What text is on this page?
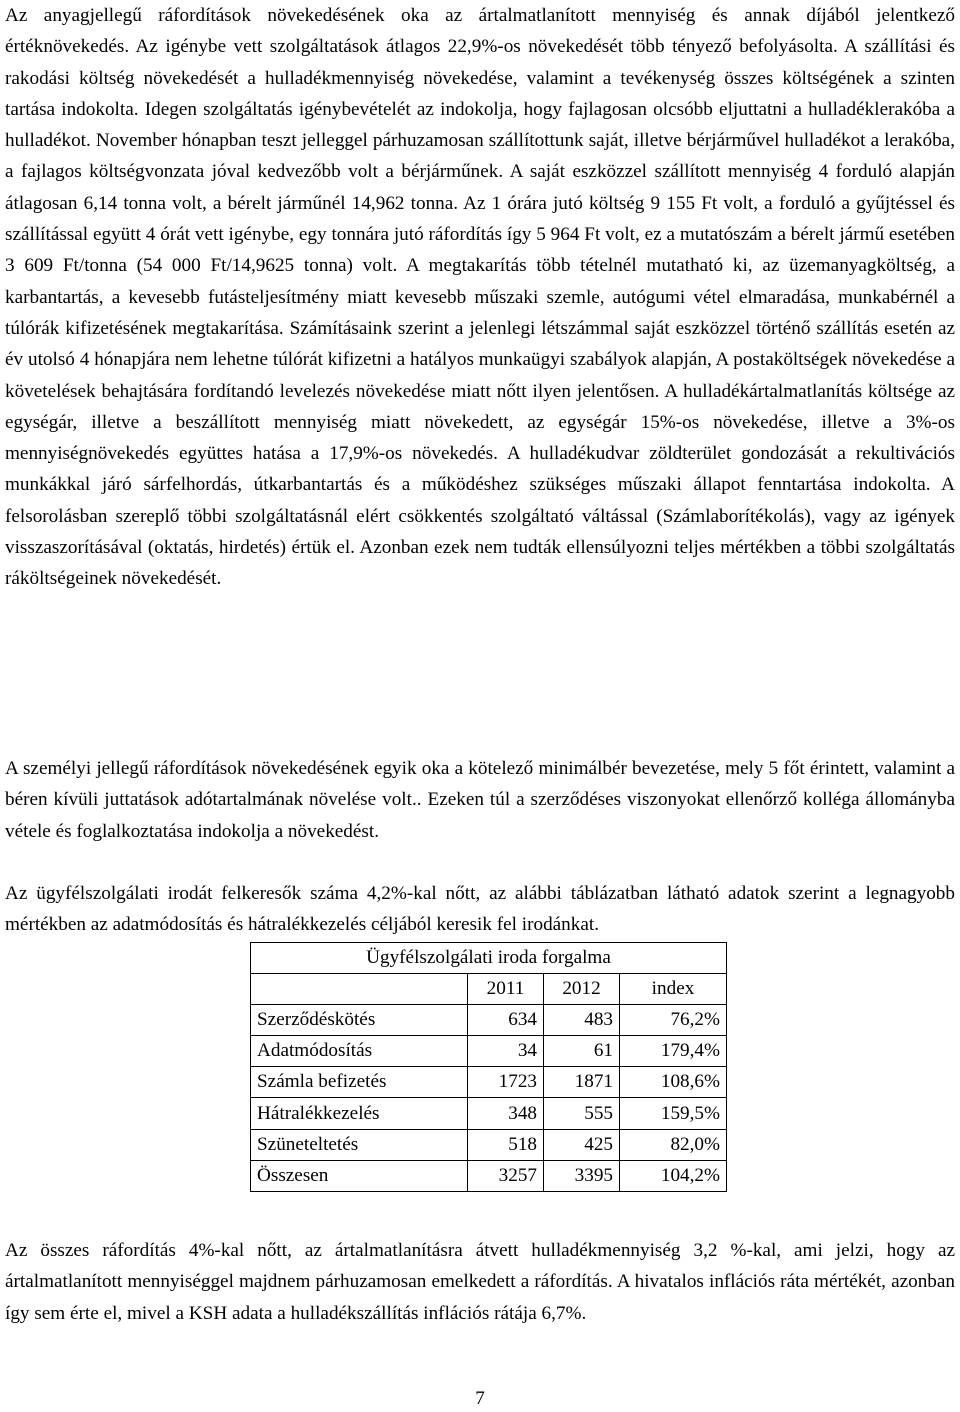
Az anyagjellegű ráfordítások növekedésének oka az ártalmatlanított mennyiség és annak díjából jelentkező értéknövekedés. Az igénybe vett szolgáltatások átlagos 22,9%-os növekedését több tényező befolyásolta. A szállítási és rakodási költség növekedését a hulladékmennyiség növekedése, valamint a tevékenység összes költségének a szinten tartása indokolta. Idegen szolgáltatás igénybevételét az indokolja, hogy fajlagosan olcsóbb eljuttatni a hulladéklerakóba a hulladékot. November hónapban teszt jelleggel párhuzamosan szállítottunk saját, illetve bérjárművel hulladékot a lerakóba, a fajlagos költségvonzata jóval kedvezőbb volt a bérjárműnek. A saját eszközzel szállított mennyiség 4 forduló alapján átlagosan 6,14 tonna volt, a bérelt járműnél 14,962 tonna. Az 1 órára jutó költség 9 155 Ft volt, a forduló a gyűjtéssel és szállítással együtt 4 órát vett igénybe, egy tonnára jutó ráfordítás így 5 964 Ft volt, ez a mutatószám a bérelt jármű esetében 3 609 Ft/tonna (54 000 Ft/14,9625 tonna) volt. A megtakarítás több tételnél mutatható ki, az üzemanyagköltség, a karbantartás, a kevesebb futásteljesítmény miatt kevesebb műszaki szemle, autógumi vétel elmaradása, munkabérnél a túlórák kifizetésének megtakarítása. Számításaink szerint a jelenlegi létszámmal saját eszközzel történő szállítás esetén az év utolsó 4 hónapjára nem lehetne túlórát kifizetni a hatályos munkaügyi szabályok alapján, A postaköltségek növekedése a követelések behajtására fordítandó levelezés növekedése miatt nőtt ilyen jelentősen. A hulladékártalmatlanítás költsége az egységár, illetve a beszállított mennyiség miatt növekedett, az egységár 15%-os növekedése, illetve a 3%-os mennyiségnövekedés együttes hatása a 17,9%-os növekedés. A hulladékudvar zöldterület gondozását a rekultivációs munkákkal járó sárfelhordás, útkarbantartás és a működéshez szükséges műszaki állapot fenntartása indokolta. A felsorolásban szereplő többi szolgáltatásnál elért csökkentés szolgáltató váltással (Számlaborítékolás), vagy az igények visszaszorításával (oktatás, hirdetés) értük el. Azonban ezek nem tudták ellensúlyozni teljes mértékben a többi szolgáltatás ráköltségeinek növekedését.

A személyi jellegű ráfordítások növekedésének egyik oka a kötelező minimálbér bevezetése, mely 5 főt érintett, valamint a béren kívüli juttatások adótartalmának növelése volt.. Ezeken túl a szerződéses viszonyokat ellenőrző kolléga állományba vétele és foglalkoztatása indokolja a növekedést.

Az ügyfélszolgálati irodát felkeresők száma 4,2%-kal nőtt, az alábbi táblázatban látható adatok szerint a legnagyobb mértékben az adatmódosítás és hátralékkezelés céljából keresik fel irodánkat.

Ügyfélszolgálati iroda forgalma			
	2011	2012	index
Szerződéskötés	634	483	76,2%
Adatmódosítás	34	61	179,4%
Számla befizetés	1723	1871	108,6%
Hátralékkezelés	348	555	159,5%
Szüneteltetés	518	425	82,0%
Összesen	3257	3395	104,2%

Az összes ráfordítás 4%-kal nőtt, az ártalmatlanításra átvett hulladékmennyiség 3,2 %-kal, ami jelzi, hogy az ártalmatlanított mennyiséggel majdnem párhuzamosan emelkedett a ráfordítás. A hivatalos inflációs ráta mértékét, azonban így sem érte el, mivel a KSH adata a hulladékszállítás inflációs rátája 6,7%.

7
